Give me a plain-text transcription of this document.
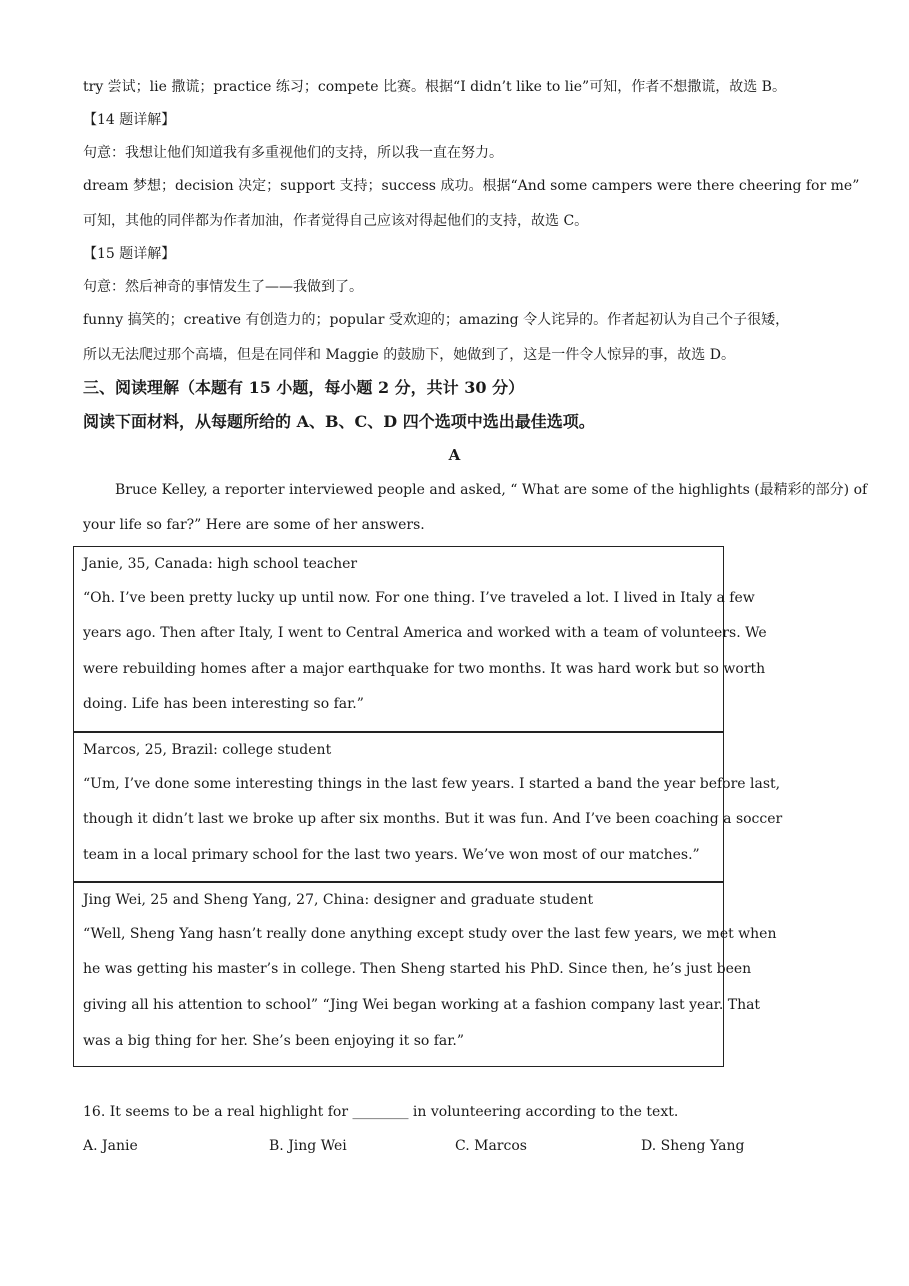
try 尝试；lie 撒谎；practice 练习；compete 比赛。根据“I didn’t like to lie”可知，作者不想撒谎，故选 B。
【14 题详解】
句意：我想让他们知道我有多重视他们的支持，所以我一直在努力。
dream 梦想；decision 决定；support 支持；success 成功。根据“And some campers were there cheering for me”
可知，其他的同伴都为作者加油，作者觉得自己应该对得起他们的支持，故选 C。
【15 题详解】
句意：然后神奇的事情发生了——我做到了。
funny 搞笑的；creative 有创造力的；popular 受欢迎的；amazing 令人诧异的。作者起初认为自己个子很矮，
所以无法爬过那个高墙，但是在同伴和 Maggie 的鼓励下，她做到了，这是一件令人惊异的事，故选 D。
三、阅读理解（本题有 15 小题，每小题 2 分，共计 30 分）
阅读下面材料，从每题所给的 A、B、C、D 四个选项中选出最佳选项。
A
Bruce Kelley, a reporter interviewed people and asked, “ What are some of the highlights (最精彩的部分) of
your life so far?” Here are some of her answers.
Janie, 35, Canada: high school teacher
“Oh. I’ve been pretty lucky up until now. For one thing. I’ve traveled a lot. I lived in Italy a few
years ago. Then after Italy, I went to Central America and worked with a team of volunteers. We
were rebuilding homes after a major earthquake for two months. It was hard work but so worth
doing. Life has been interesting so far.”
Marcos, 25, Brazil: college student
“Um, I’ve done some interesting things in the last few years. I started a band the year before last,
though it didn’t last we broke up after six months. But it was fun. And I’ve been coaching a soccer
team in a local primary school for the last two years. We’ve won most of our matches.”
Jing Wei, 25 and Sheng Yang, 27, China: designer and graduate student
“Well, Sheng Yang hasn’t really done anything except study over the last few years, we met when
he was getting his master’s in college. Then Sheng started his PhD. Since then, he’s just been
giving all his attention to school” “Jing Wei began working at a fashion company last year. That
was a big thing for her. She’s been enjoying it so far.”
16. It seems to be a real highlight for ________ in volunteering according to the text.
A. Janie	B. Jing Wei	C. Marcos	D. Sheng Yang
